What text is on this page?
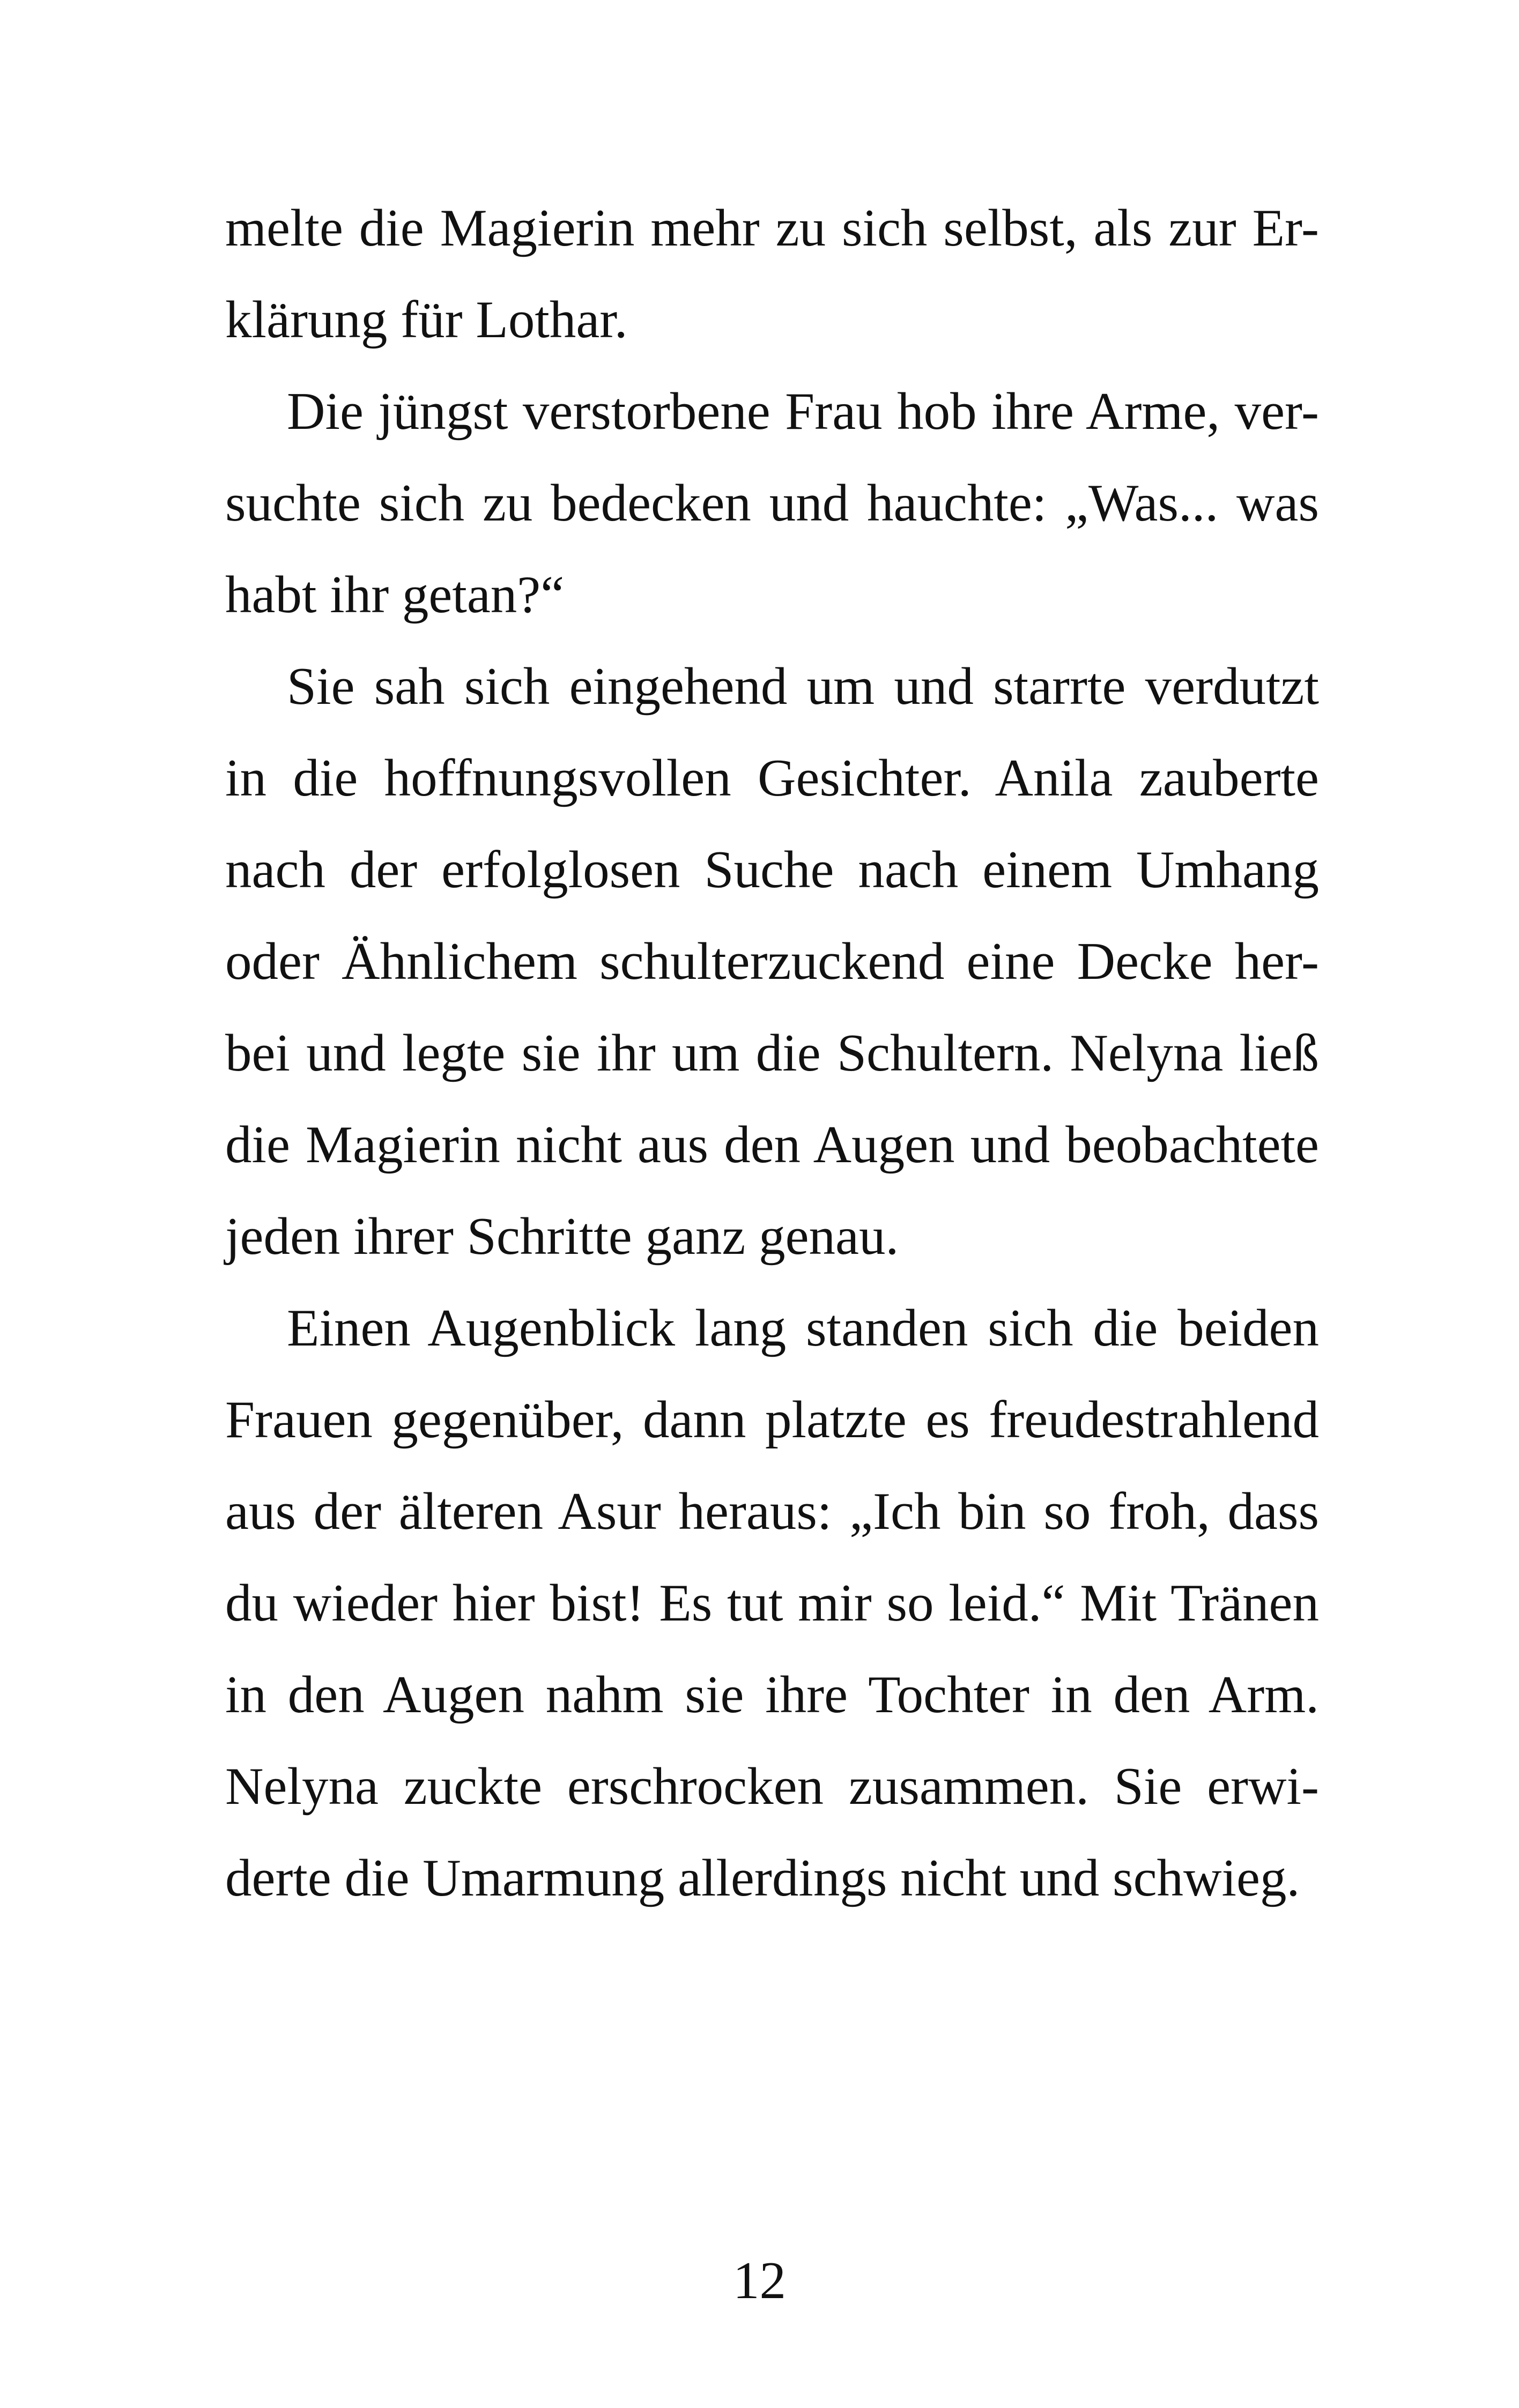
melte die Magierin mehr zu sich selbst, als zur Er-
klärung für Lothar.
Die jüngst verstorbene Frau hob ihre Arme, ver-
suchte sich zu bedecken und hauchte: „Was... was
habt ihr getan?“
Sie sah sich eingehend um und starrte verdutzt
in die hoffnungsvollen Gesichter. Anila zauberte
nach der erfolglosen Suche nach einem Umhang
oder Ähnlichem schulterzuckend eine Decke her-
bei und legte sie ihr um die Schultern. Nelyna ließ
die Magierin nicht aus den Augen und beobachtete
jeden ihrer Schritte ganz genau.
Einen Augenblick lang standen sich die beiden
Frauen gegenüber, dann platzte es freudestrahlend
aus der älteren Asur heraus: „Ich bin so froh, dass
du wieder hier bist! Es tut mir so leid.“ Mit Tränen
in den Augen nahm sie ihre Tochter in den Arm.
Nelyna zuckte erschrocken zusammen. Sie erwi-
derte die Umarmung allerdings nicht und schwieg.
12
